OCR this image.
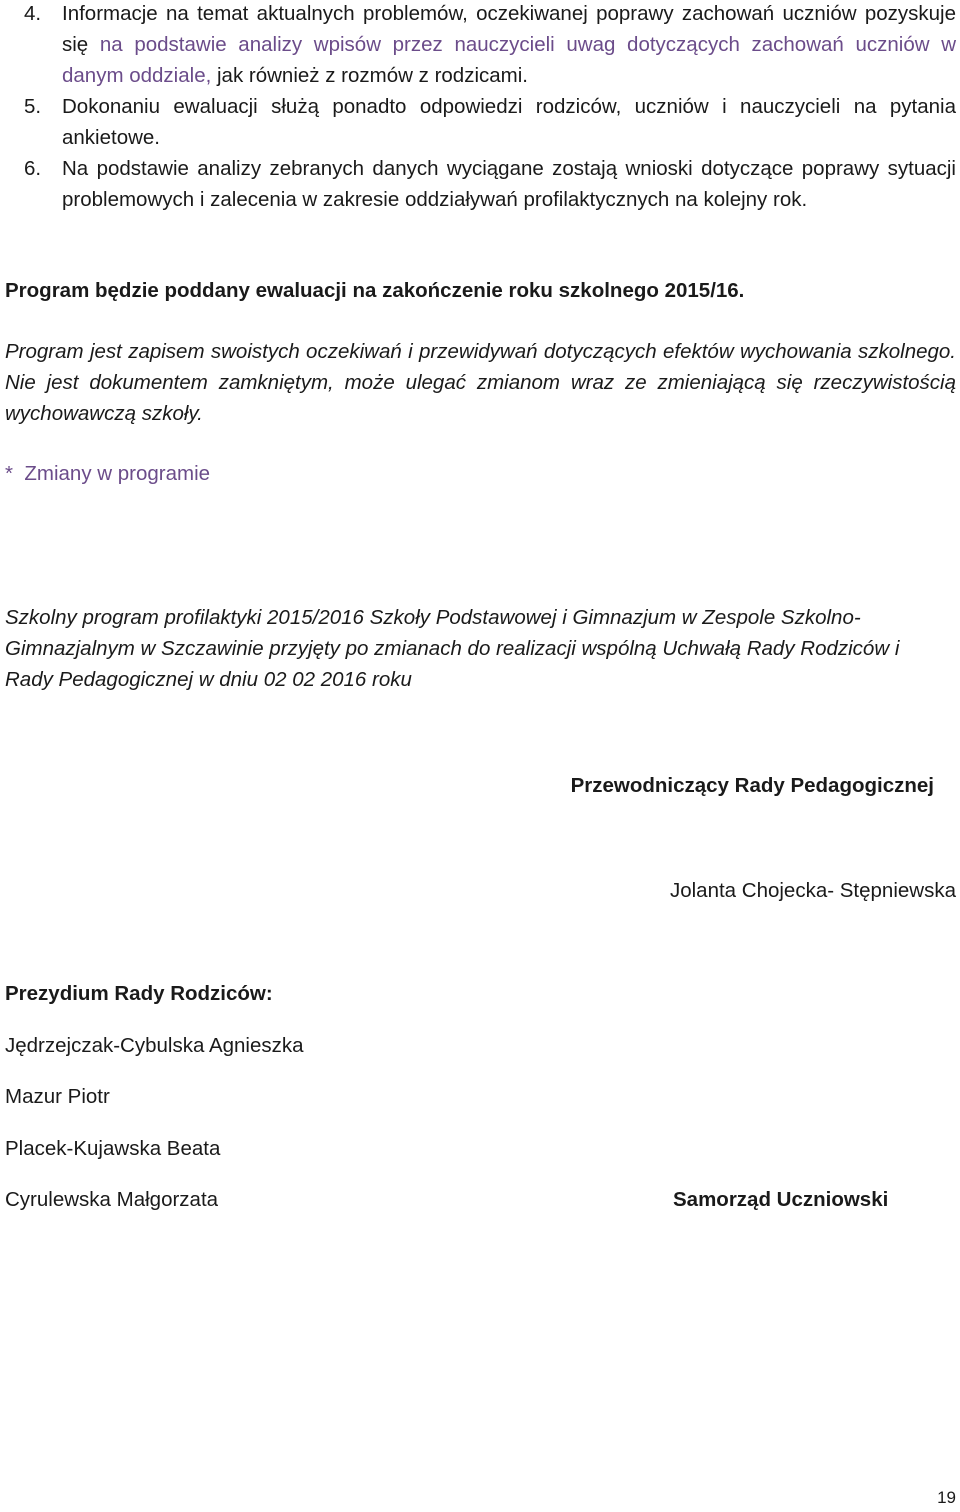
4. Informacje na temat aktualnych problemów, oczekiwanej poprawy zachowań uczniów pozyskuje się na podstawie analizy wpisów przez nauczycieli uwag dotyczących zachowań uczniów w danym oddziale, jak również z rozmów z rodzicami.
5. Dokonaniu ewaluacji służą ponadto odpowiedzi rodziców, uczniów i nauczycieli na pytania ankietowe.
6. Na podstawie analizy zebranych danych wyciągane zostają wnioski dotyczące poprawy sytuacji problemowych i zalecenia w zakresie oddziaływań profilaktycznych na kolejny rok.
Program będzie poddany ewaluacji na zakończenie roku szkolnego 2015/16.
Program jest zapisem swoistych oczekiwań i przewidywań dotyczących efektów wychowania szkolnego. Nie jest dokumentem zamkniętym, może ulegać zmianom wraz ze zmieniającą się rzeczywistością wychowawczą szkoły.
*  Zmiany w programie
Szkolny program profilaktyki 2015/2016 Szkoły Podstawowej i Gimnazjum w Zespole Szkolno-Gimnazjalnym w Szczawinie przyjęty po zmianach do realizacji wspólną Uchwałą Rady Rodziców i Rady Pedagogicznej w dniu 02 02 2016 roku
Przewodniczący Rady Pedagogicznej
Jolanta Chojecka- Stępniewska
Prezydium Rady Rodziców:
Jędrzejczak-Cybulska Agnieszka
Mazur Piotr
Placek-Kujawska Beata
Cyrulewska Małgorzata	Samorząd Uczniowski
19
